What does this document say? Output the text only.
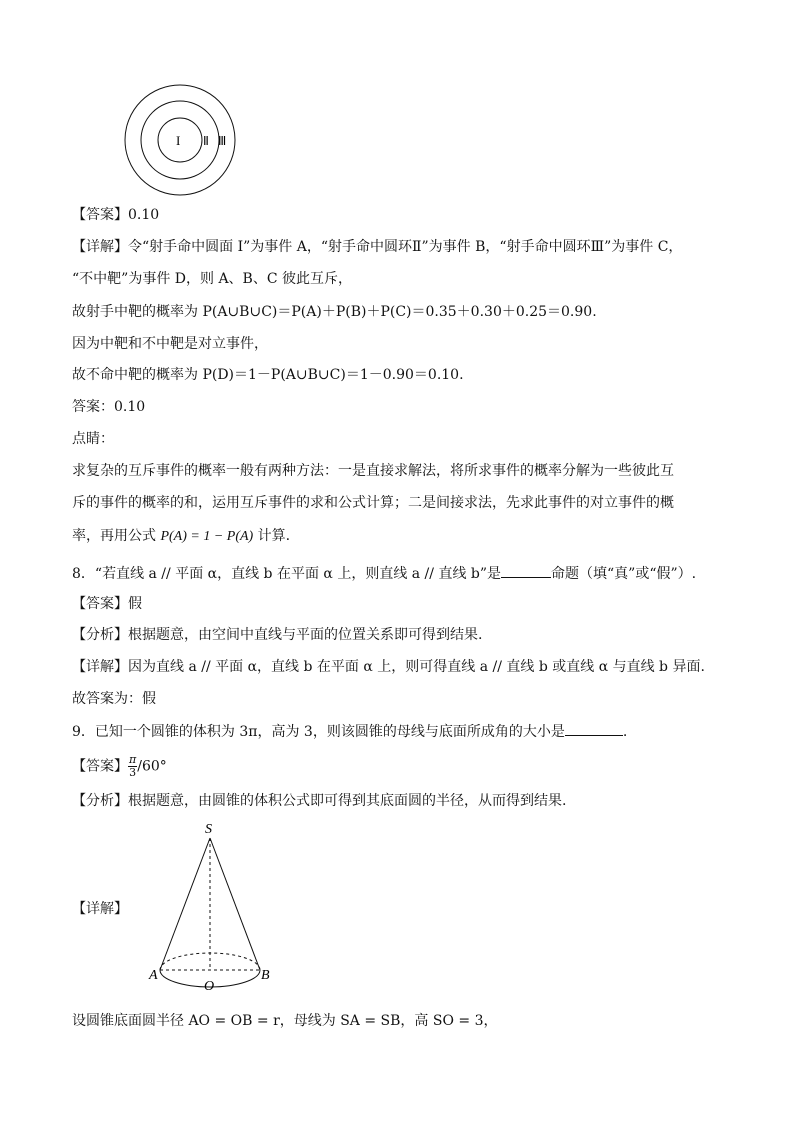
I Ⅱ Ⅲ
【答案】0.10
【详解】令“射手命中圆面 I”为事件 A，“射手命中圆环Ⅱ”为事件 B，“射手命中圆环Ⅲ”为事件 C，
“不中靶”为事件 D，则 A、B、C 彼此互斥，
故射手中靶的概率为 P(A∪B∪C)＝P(A)＋P(B)＋P(C)＝0.35＋0.30＋0.25＝0.90.
因为中靶和不中靶是对立事件，
故不命中靶的概率为 P(D)＝1－P(A∪B∪C)＝1－0.90＝0.10.
答案：0.10
点睛：
求复杂的互斥事件的概率一般有两种方法：一是直接求解法，将所求事件的概率分解为一些彼此互
斥的事件的概率的和，运用互斥事件的求和公式计算；二是间接求法，先求此事件的对立事件的概
率，再用公式 P(A) = 1 − P(A) 计算.
8．“若直线 a // 平面 α，直线 b 在平面 α 上，则直线 a // 直线 b”是	命题（填“真”或“假”）.
【答案】假
【分析】根据题意，由空间中直线与平面的位置关系即可得到结果.
【详解】因为直线 a // 平面 α，直线 b 在平面 α 上，则可得直线 a // 直线 b 或直线 α 与直线 b 异面.
故答案为：假
9．已知一个圆锥的体积为 3π，高为 3，则该圆锥的母线与底面所成角的大小是	.
【答案】 $\frac{\pi}{3} /60^\circ$
【分析】根据题意，由圆锥的体积公式即可得到其底面圆的半径，从而得到结果.
【详解】
S
A	B
O
设圆锥底面圆半径 AO = OB = r，母线为 SA = SB，高 SO = 3，
